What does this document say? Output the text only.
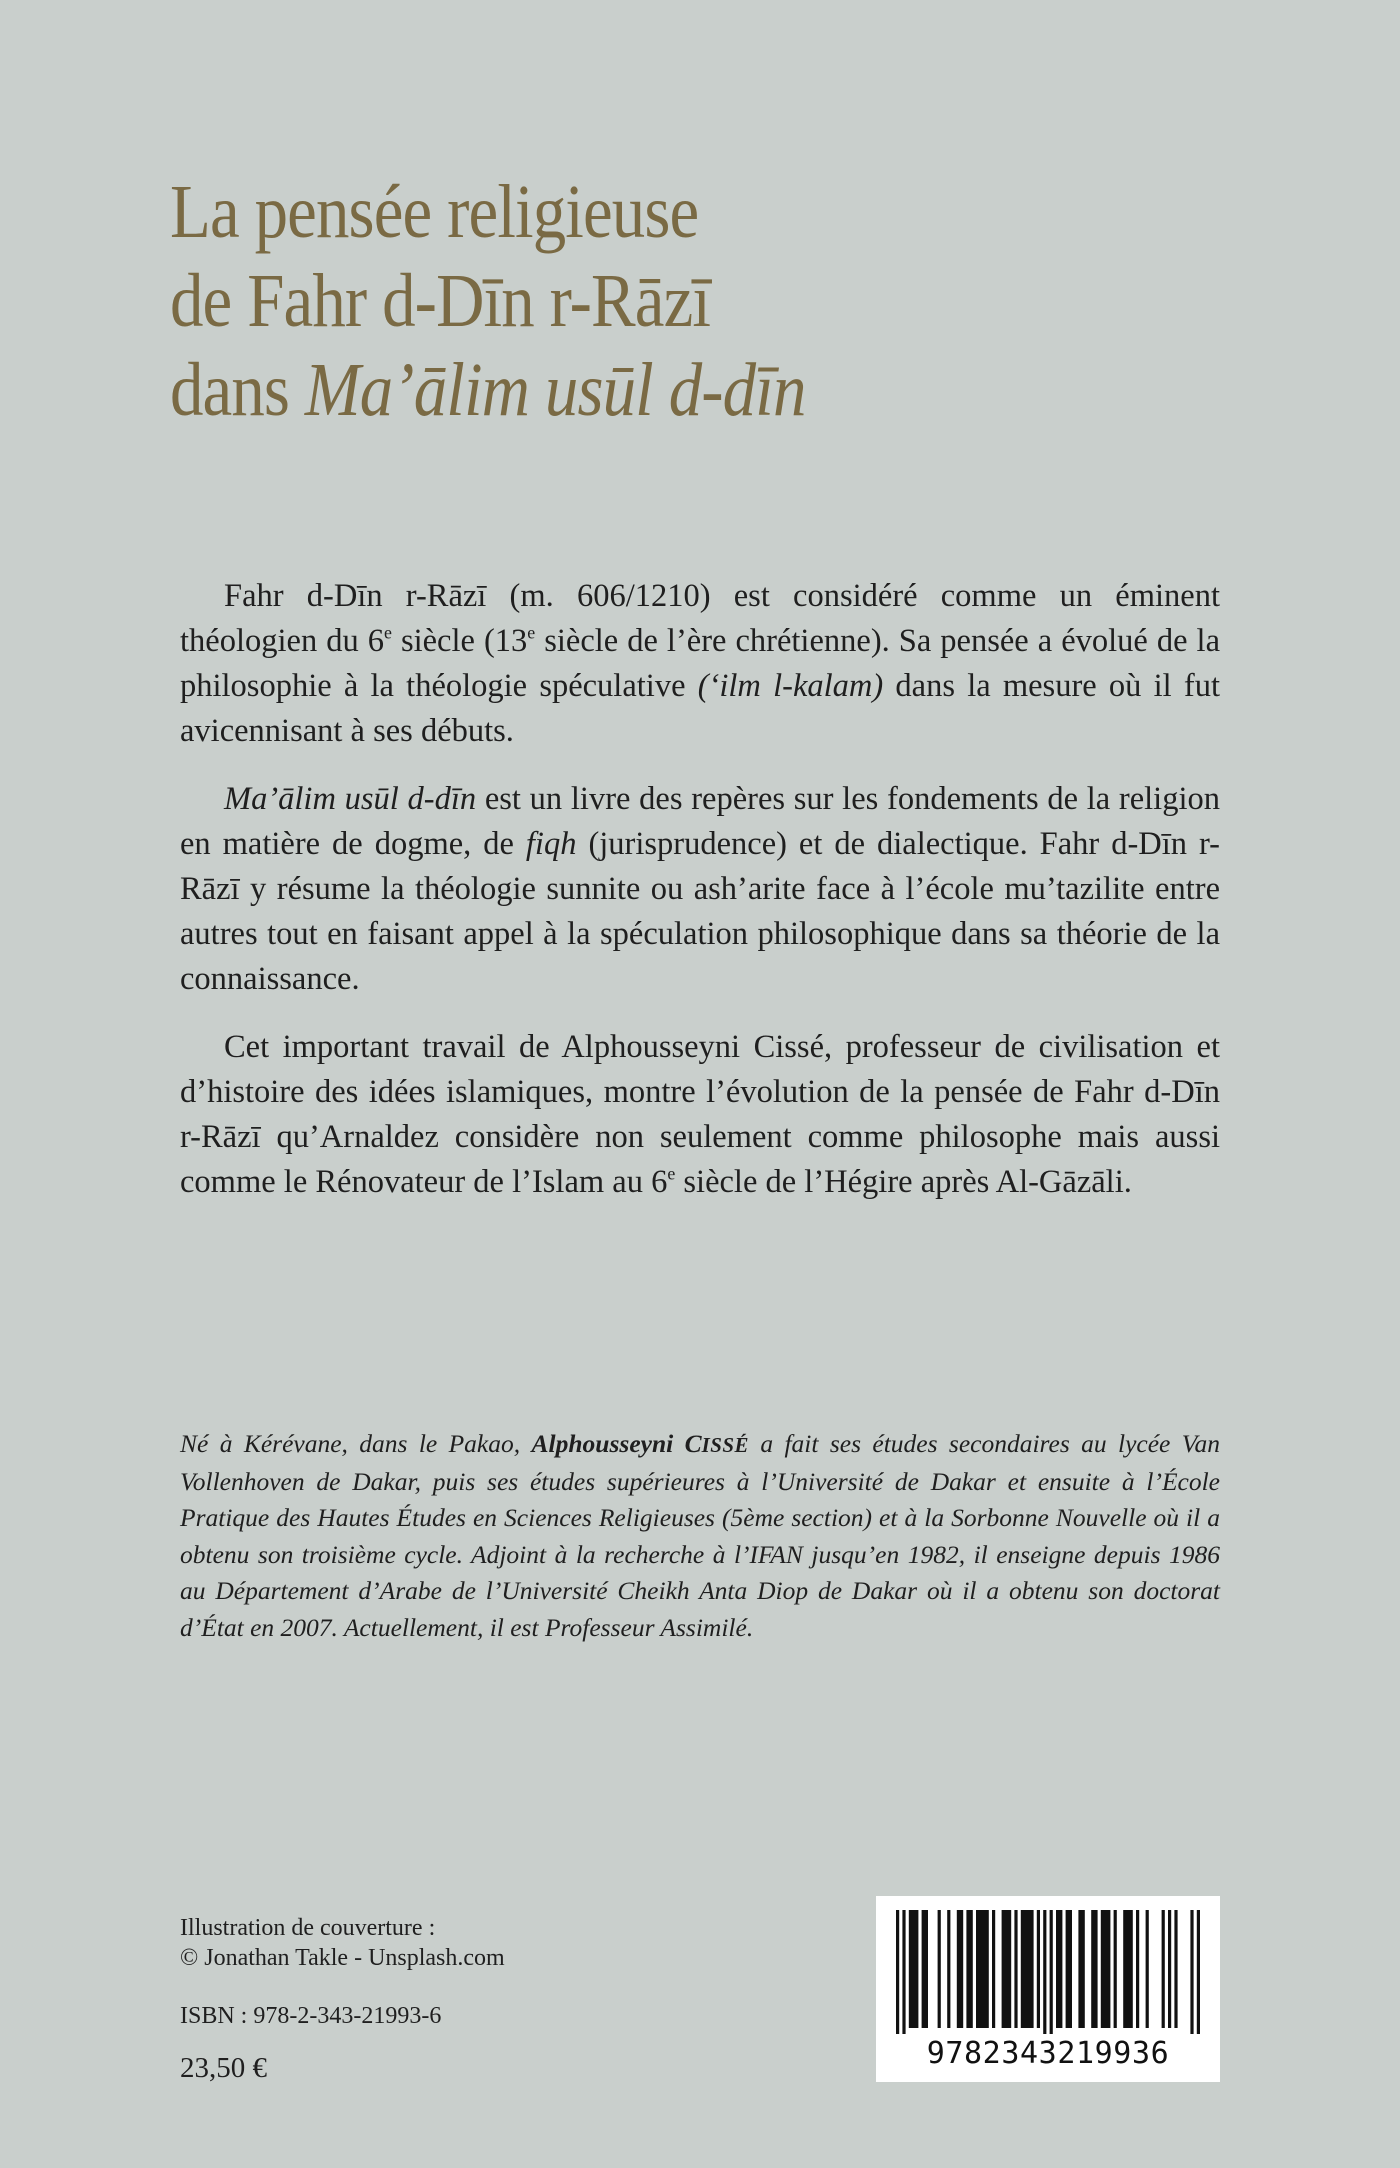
La pensée religieuse
de Fahr d-Dīn r-Rāzī
dans Ma’ālim usūl d-dīn

Fahr d-Dīn r-Rāzī (m. 606/1210) est considéré comme un éminent théologien du 6e siècle (13e siècle de l’ère chrétienne). Sa pensée a évolué de la philosophie à la théologie spéculative (‘ilm l-kalam) dans la mesure où il fut avicennisant à ses débuts.

Ma’ālim usūl d-dīn est un livre des repères sur les fondements de la religion en matière de dogme, de fiqh (jurisprudence) et de dialectique. Fahr d-Dīn r-Rāzī y résume la théologie sunnite ou ash’arite face à l’école mu’tazilite entre autres tout en faisant appel à la spéculation philosophique dans sa théorie de la connaissance.

Cet important travail de Alphousseyni Cissé, professeur de civilisation et d’histoire des idées islamiques, montre l’évolution de la pensée de Fahr d-Dīn r-Rāzī qu’Arnaldez considère non seulement comme philosophe mais aussi comme le Rénovateur de l’Islam au 6e siècle de l’Hégire après Al-Gāzāli.

Né à Kérévane, dans le Pakao, Alphousseyni CISSÉ a fait ses études secondaires au lycée Van Vollenhoven de Dakar, puis ses études supérieures à l’Université de Dakar et ensuite à l’École Pratique des Hautes Études en Sciences Religieuses (5ème section) et à la Sorbonne Nouvelle où il a obtenu son troisième cycle. Adjoint à la recherche à l’IFAN jusqu’en 1982, il enseigne depuis 1986 au Département d’Arabe de l’Université Cheikh Anta Diop de Dakar où il a obtenu son doctorat d’État en 2007. Actuellement, il est Professeur Assimilé.

Illustration de couverture :
© Jonathan Takle - Unsplash.com
ISBN : 978-2-343-21993-6
23,50 €	9782343219936
